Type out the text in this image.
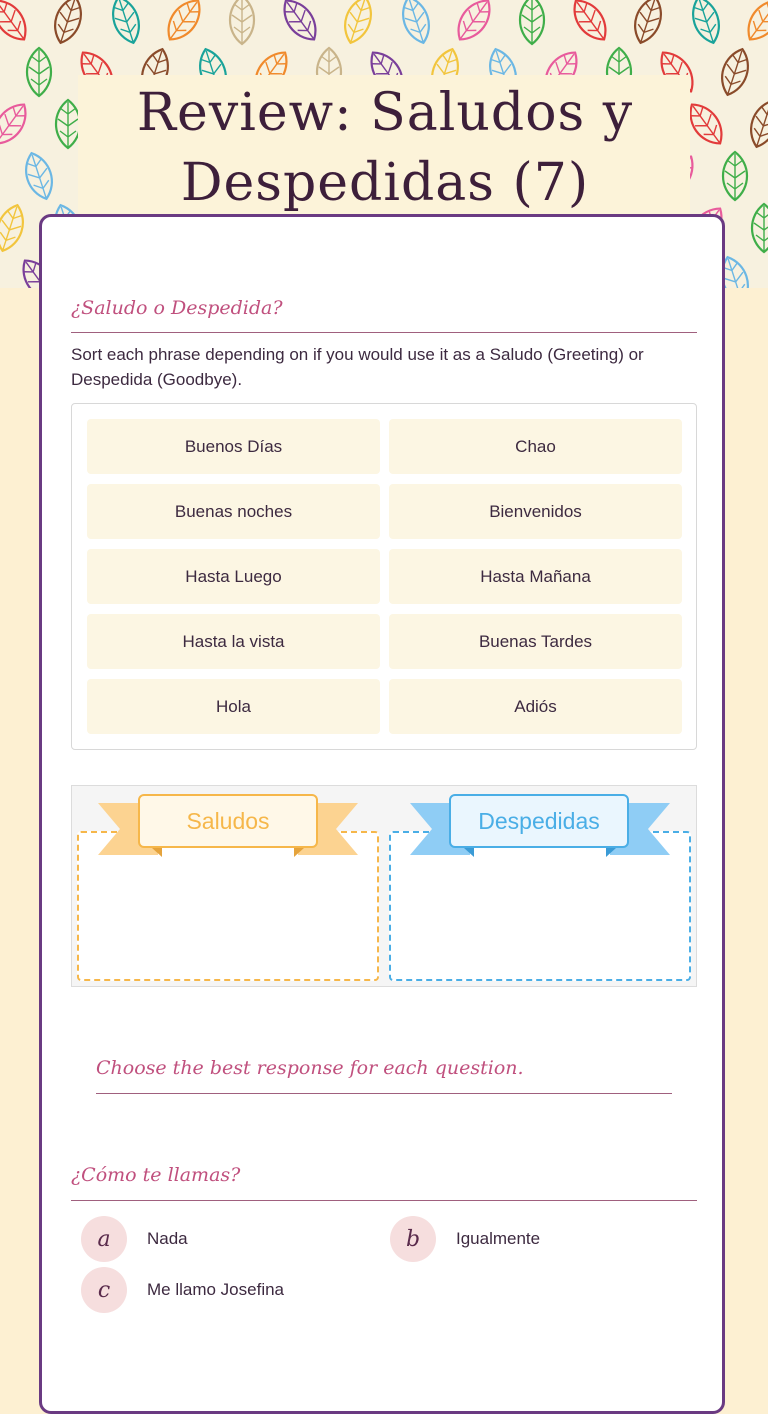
Review: Saludos y Despedidas (7)
¿Saludo o Despedida?
Sort each phrase depending on if you would use it as a Saludo (Greeting) or Despedida (Goodbye).
Buenos Días	Chao
Buenas noches	Bienvenidos
Hasta Luego	Hasta Mañana
Hasta la vista	Buenas Tardes
Hola	Adiós
Saludos	Despedidas
Choose the best response for each question.
¿Cómo te llamas?
a	Nada	b	Igualmente
c	Me llamo Josefina
